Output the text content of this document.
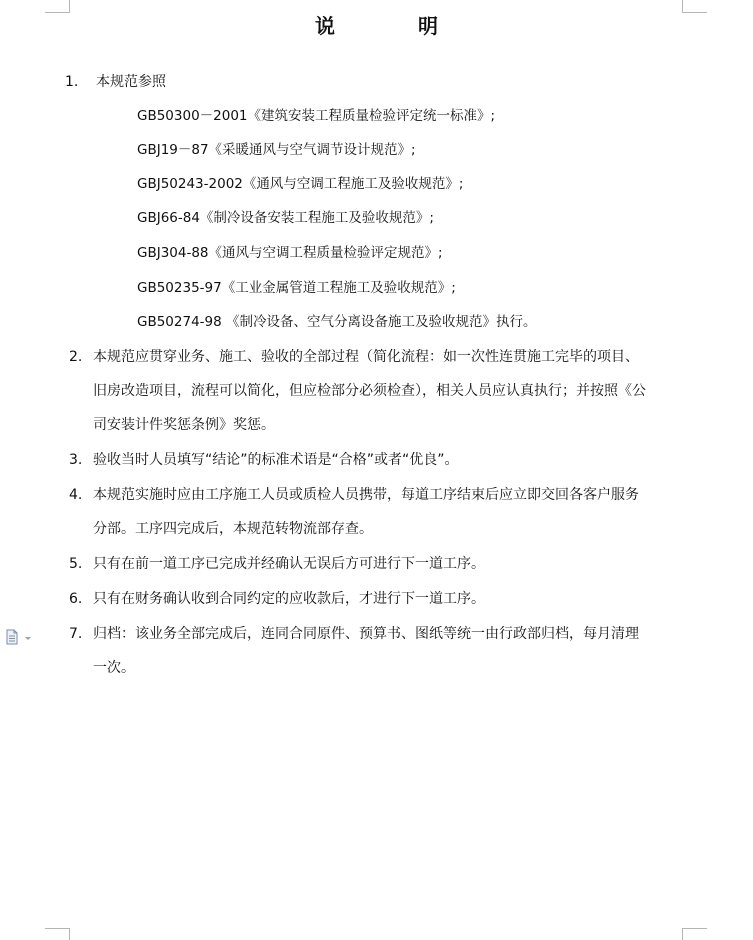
说 明
1. 本规范参照
GB50300－2001《建筑安装工程质量检验评定统一标准》;
GBJ19－87《采暖通风与空气调节设计规范》;
GBJ50243-2002《通风与空调工程施工及验收规范》;
GBJ66-84《制冷设备安装工程施工及验收规范》;
GBJ304-88《通风与空调工程质量检验评定规范》;
GB50235-97《工业金属管道工程施工及验收规范》;
GB50274-98 《制冷设备、空气分离设备施工及验收规范》执行。
2. 本规范应贯穿业务、施工、验收的全部过程（简化流程：如一次性连贯施工完毕的项目、
旧房改造项目，流程可以简化，但应检部分必须检查），相关人员应认真执行；并按照《公
司安装计件奖惩条例》奖惩。
3. 验收当时人员填写“结论”的标准术语是“合格”或者“优良”。
4. 本规范实施时应由工序施工人员或质检人员携带，每道工序结束后应立即交回各客户服务
分部。工序四完成后，本规范转物流部存查。
5. 只有在前一道工序已完成并经确认无误后方可进行下一道工序。
6. 只有在财务确认收到合同约定的应收款后，才进行下一道工序。
7. 归档：该业务全部完成后，连同合同原件、预算书、图纸等统一由行政部归档，每月清理
一次。
